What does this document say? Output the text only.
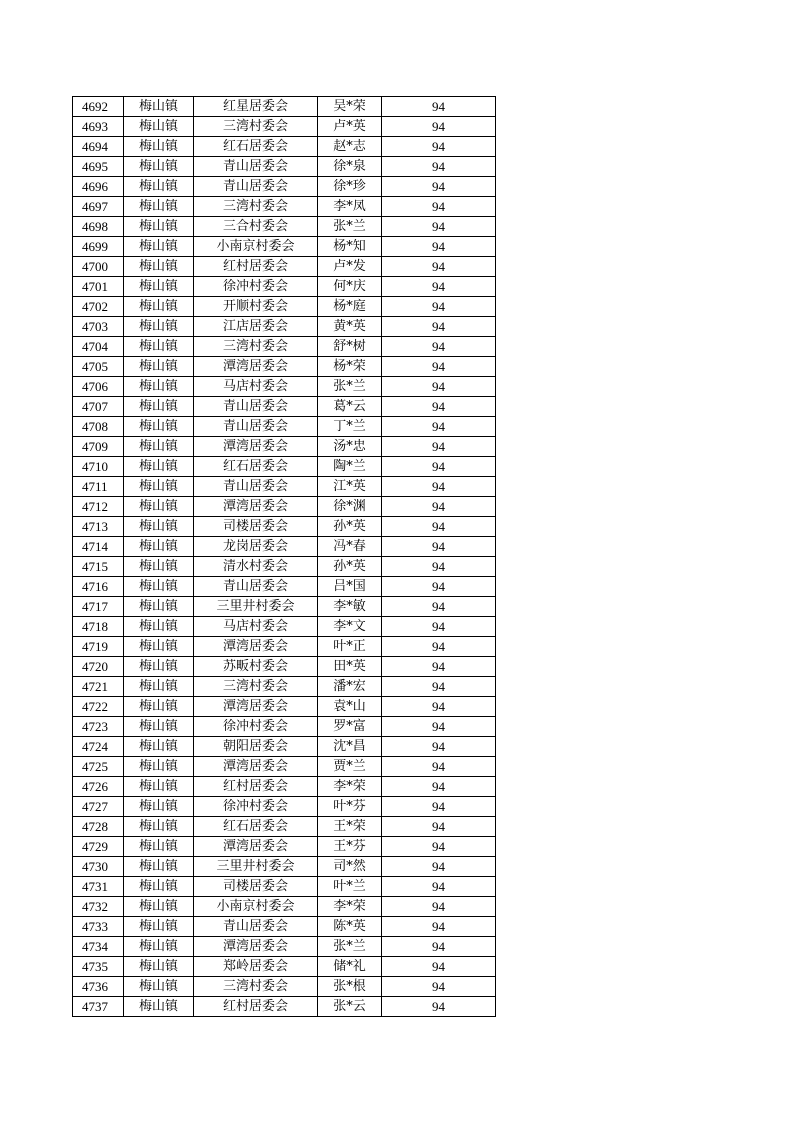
4692	梅山镇	红星居委会	吴*荣	94
4693	梅山镇	三湾村委会	卢*英	94
4694	梅山镇	红石居委会	赵*志	94
4695	梅山镇	青山居委会	徐*泉	94
4696	梅山镇	青山居委会	徐*珍	94
4697	梅山镇	三湾村委会	李*凤	94
4698	梅山镇	三合村委会	张*兰	94
4699	梅山镇	小南京村委会	杨*知	94
4700	梅山镇	红村居委会	卢*发	94
4701	梅山镇	徐冲村委会	何*庆	94
4702	梅山镇	开顺村委会	杨*庭	94
4703	梅山镇	江店居委会	黄*英	94
4704	梅山镇	三湾村委会	舒*树	94
4705	梅山镇	潭湾居委会	杨*荣	94
4706	梅山镇	马店村委会	张*兰	94
4707	梅山镇	青山居委会	葛*云	94
4708	梅山镇	青山居委会	丁*兰	94
4709	梅山镇	潭湾居委会	汤*忠	94
4710	梅山镇	红石居委会	陶*兰	94
4711	梅山镇	青山居委会	江*英	94
4712	梅山镇	潭湾居委会	徐*渊	94
4713	梅山镇	司楼居委会	孙*英	94
4714	梅山镇	龙岗居委会	冯*春	94
4715	梅山镇	清水村委会	孙*英	94
4716	梅山镇	青山居委会	吕*国	94
4717	梅山镇	三里井村委会	李*敏	94
4718	梅山镇	马店村委会	李*文	94
4719	梅山镇	潭湾居委会	叶*正	94
4720	梅山镇	苏畈村委会	田*英	94
4721	梅山镇	三湾村委会	潘*宏	94
4722	梅山镇	潭湾居委会	袁*山	94
4723	梅山镇	徐冲村委会	罗*富	94
4724	梅山镇	朝阳居委会	沈*昌	94
4725	梅山镇	潭湾居委会	贾*兰	94
4726	梅山镇	红村居委会	李*荣	94
4727	梅山镇	徐冲村委会	叶*芬	94
4728	梅山镇	红石居委会	王*荣	94
4729	梅山镇	潭湾居委会	王*芬	94
4730	梅山镇	三里井村委会	司*然	94
4731	梅山镇	司楼居委会	叶*兰	94
4732	梅山镇	小南京村委会	李*荣	94
4733	梅山镇	青山居委会	陈*英	94
4734	梅山镇	潭湾居委会	张*兰	94
4735	梅山镇	郑岭居委会	储*礼	94
4736	梅山镇	三湾村委会	张*根	94
4737	梅山镇	红村居委会	张*云	94
